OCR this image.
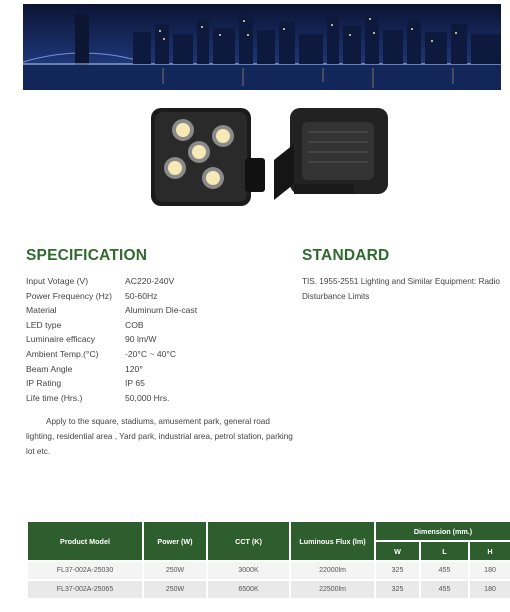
SPECIFICATION
Input Votage (V)	AC220-240V
Power Frequency (Hz) 50-60Hz
Material	Aluminum Die-cast
LED type	COB
Luminaire efficacy	90 lm/W
Ambient Temp.(°C)	-20°C ~ 40°C
Beam Angle	120°
IP Rating	IP 65
Life time (Hrs.)	50,000 Hrs.

Apply to the square, stadiums, amusement park, general road lighting, residential area , Yard park, industrial area, petrol station, parking lot etc.

STANDARD

TIS. 1955-2551 Lighting and Similar Equipment: Radio Disturbance Limits

Product Model	Power (W)	CCT (K)	Luminous Flux (lm)	Dimension (mm.)		
				W	L	H
FL37-002A-25030	250W	3000K	22000lm	325	455	180
FL37-002A-25065	250W	6500K	22500lm	325	455	180
